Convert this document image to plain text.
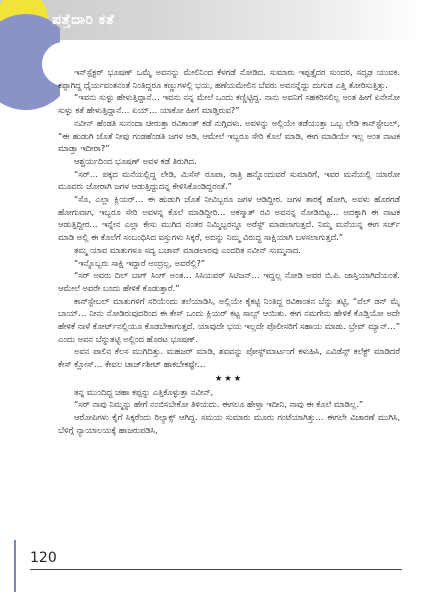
ಪತ್ತೆದಾರಿ ಕತೆ

ಇನ್‌ಸ್ಪೆಕ್ಟರ್ ಭೂಷಣ್ ಒಮ್ಮೆ ಅವನನ್ನು ಮೇಲಿನಿಂದ ಕೆಳಗಡೆ ನೋಡಿದ. ಸುಮಾರು ಇಪ್ಪತ್ತೈದರ ಸುಂದರ, ಸದೃಢ ಯುವಕ. ಕಪ್ಪಾಗಿದ್ದ ಧೈರ್ಯವಂತನಂತೆ ನಿಂತಿದ್ದರೂ ಕಣ್ಣುಗಳಲ್ಲಿ ಭಯ, ಹಣೆಯಮೇಲಿನ ಬೆವರು ಅವನನ್ನೆದ್ದು ದುಗುಡ ಎತ್ತಿ ತೋರಿಸುತ್ತಿತ್ತು.

“ಇವನು ಸುಳ್ಳು ಹೇಳುತ್ತಿದ್ದಾನೆ… ಇವನು ನನ್ನ ಮೇಲೆ ಒಂದು ಕಣ್ಣಿಟ್ಟಿದ್ದ. ನಾನು ಅವನಿಗೆ ಸಹಕರಿಸಲಿಲ್ಲ ಅಂತ ಹೀಗೆ ಏನೇನೋ ಸುಳ್ಳು ಕತೆ ಹೇಳುತ್ತಿದ್ದಾನೆ… ಏಯ್… ಯಾಕೋ ಹೀಗೆ ಮಾಡ್ತಿರುವ?”

ನವೀನ್ ಹೆಂಡತಿ ಸುನಂದಾ ಚೀರುತ್ತಾ ರವಿಕಾಂತ್ ಕಡೆ ನುಗ್ಗಿದಳು. ಅವಳನ್ನು ಅಲ್ಲಿಯೇ ತಡೆಯುತ್ತಾ ಒಬ್ಬ ಲೇಡಿ ಕಾನ್‌ಸ್ಟೇಬಲ್, “ಈ ಹುಡುಗಿ ಜೊತೆ ನೀವು ಗಂಡಹೆಂಡತಿ ಜಗಳ ಆಡಿ, ಆಮೇಲೆ ಇಬ್ಬರೂ ಸೇರಿ ಕೊಲೆ ಮಾಡಿ, ಈಗ ಮಾಡಿಯೇ ಇಲ್ಲ ಅಂತ ನಾಟಕ ಮಾಡ್ತಾ ಇದೀರಾ?”

ಆಶ್ಚರ್ಯದಿಂದ ಭೂಷಣ್ ಅವಳ ಕಡೆ ತಿರುಗಿದ.

“ಸರ್… ಪಕ್ಕದ ಮನೆಯಲ್ಲಿದ್ದ ಲೇಡಿ, ಮಿಸೆಸ್ ರೂಪಾ, ರಾತ್ರಿ ಹನ್ನೊಂದುವರೆ ಸುಮಾರಿಗೆ, ಇವರ ಮನೆಯಲ್ಲಿ ಯಾರೋ ಮೂವರು ಜೋರಾಗಿ ಜಗಳ ಆಡುತ್ತಿದ್ದುದನ್ನ ಕೇಳಿಸಿಕೊಂಡಿದ್ದರಂತೆ.”

“ಸೊ, ಎಲ್ಲಾ ಕ್ಲಿಯರ್… ಈ ಹುಡುಗಿ ಜೊತೆ ನೀವಿಬ್ಬರೂ ಜಗಳ ಆಡಿದ್ದೀರ. ಜಗಳ ತಾರಕ್ಕೆ ಹೋಗಿ, ಅವಳು ಹೊರಗಡೆ ಹೋಗುವಾಗ, ಇಬ್ಬರೂ ಸೇರಿ ಅವಳನ್ನ ಕೊಲೆ ಮಾಡಿದ್ದೀರಿ… ಅಕಸ್ಮಾತ್ ರವಿ ಅವನನ್ನ ನೋಡಿಬಿಟ್ಟ… ಅದಕ್ಕಾಗಿ ಈ ನಾಟಕ ಆಡುತ್ತಿದ್ದೀರ… ಇನ್ನೇನ ಎಲ್ಲಾ ಕೇಸು ಮುಗಿದ ನಂತರ ನಿಮ್ಮಿಬ್ಬರನ್ನೂ ಅರೆಸ್ಟ್ ಮಾಡಲಾಗುತ್ತದೆ. ನಿಮ್ಮ ಮನೆಯನ್ನ ಈಗ ಸರ್ಚ್ ಮಾಡಿ ಅಲ್ಲಿ ಈ ಕೊಲೆಗೆ ಸಂಬಂಧಿಸಿದ ವಸ್ತುಗಳು ಸಿಕ್ಕರೆ, ಅದನ್ನು ನಿಮ್ಮ ವಿರುದ್ಧ ಸಾಕ್ಷಿಯಾಗಿ ಬಳಸಲಾಗುತ್ತದೆ.”

ತಮ್ಮ ಯಾವ ಮಾತುಗಳೂ ಸದ್ಯ ಬಚಾವ್ ಮಾಡಲಾರವು ಎಂದರಿತ ನವೀನ್ ಸುಮ್ಮನಾದ.

“ಇನ್ನೊಬ್ಬರು ಸಾಕ್ಷಿ ಇದ್ದಾರೆ ಅಂದ್ರಲ್ಲ, ಅವರೆಲ್ಲಿ?”

“ಸರ್ ಅವರು ದಿಲ್ ಬಾಗ್ ಸಿಂಗ್ ಅಂತ… ಸಿಸಿಯವರ್ ಸಿಟಿಜನ್… ಇದ್ದಲ್ಲ ನೋಡಿ ಅವರ ಬಿ.ಪಿ. ಜಾಸ್ತಿಯಾಗಿದೆಯಂತೆ. ಆಮೇಲೆ ಅವರೇ ಬಂದು ಹೇಳಿಕೆ ಕೊಡುತ್ತಾರೆ.”

ಕಾನ್‌ಸ್ಟೇಬಲ್ ಮಾತುಗಳಿಗೆ ಸರಿಯೆಂದು ತಲೆಯಾಡಿಸಿ, ಅಲ್ಲಿಯೇ ಕೈಕಟ್ಟಿ ನಿಂತಿದ್ದ ರವಿಕಾಂತನ ಬೆನ್ನು ತಟ್ಟಿ, “ವೆಲ್ ಡನ್ ಮೈ ಬಾಯ್… ನೀನು ನೋಡಿರುವುದರಿಂದ ಈ ಕೇಸ್ ಒಂದು ಕ್ಲಿಯರ್ ಕಟ್ಟ ಸಾಲ್ವ್ ಆಯಿತು. ಈಗ ನಮಗೇನು ಹೇಳಿಕೆ ಕೊಡ್ತಿಯೋ ಅದೇ ಹೇಳಿಕೆ ನಾಳೆ ಕೋರ್ಟ್‌ನಲ್ಲಿಯೂ ಕೊಡಬೇಕಾಗುತ್ತದೆ. ಯಾವುದೇ ಭಯ ಇಲ್ಲದೇ ಪೊಲೀಸರಿಗೆ ಸಹಾಯ ಮಾಡು. ಬ್ರೇವ್ ಮ್ಯಾನ್…” ಎಂದು ಅವನ ಬೆನ್ನುತಟ್ಟಿ ಅಲ್ಲಿಂದ ಹೊರಟ ಭೂಷಣ್.

ಅವನ ಪಾಲಿನ ಕೆಲಸ ಮುಗಿದಿತ್ತು. ಮಹಜರ್ ಮಾಡಿ, ಶವವನ್ನು ಪೋಸ್ಟ್‌ಮಾರ್ಟಂಗೆ ಕಳುಹಿಸಿ, ಎವಿಡೆನ್ಸ್ ಕಲೆಕ್ಟ್ ಮಾಡಿದರೆ ಕೇಸ್ ಕ್ಲೋಸ್… ಕೇವಲ ಚಾರ್ಜ್‌ಶೀಟ್ ಹಾಕಬೇಕಷ್ಟೇ…

★★★

ತನ್ನ ಮುಂದಿದ್ದ ಚಹಾ ಕಪ್ಪನ್ನು ಎತ್ತಿಕೊಳ್ಳುತ್ತಾ ನವೀನ್,

“ಸರ್ ನಾವು ನಿಮ್ಮನ್ನು ಹೇಗೆ ನಂಬಿಸಬೇಕೋ ತಿಳಿಯದು. ಈಗಲೂ ಹೇಳ್ತಾ ಇದೀನಿ, ನಾವು ಈ ಕೊಲೆ ಮಾಡಿಲ್ಲ.”

ಆರೋಪಿಗಳು ಕೈಗೆ ಸಿಕ್ಕರೆಂದು ರಿಲ್ಯಾಕ್ಸ್ ಆಗಿದ್ದ. ಸಮಯ ಸುಮಾರು ಮೂರು ಗಂಟೆಯಾಗಿತ್ತು… ಈಗಲೇ ವಿಚಾರಣೆ ಮುಗಿಸಿ, ಬೆಳಿಗ್ಗೆ ನ್ಯಾಯಾಲಯಕ್ಕೆ ಹಾಜರುಪಡಿಸಿ,

120
